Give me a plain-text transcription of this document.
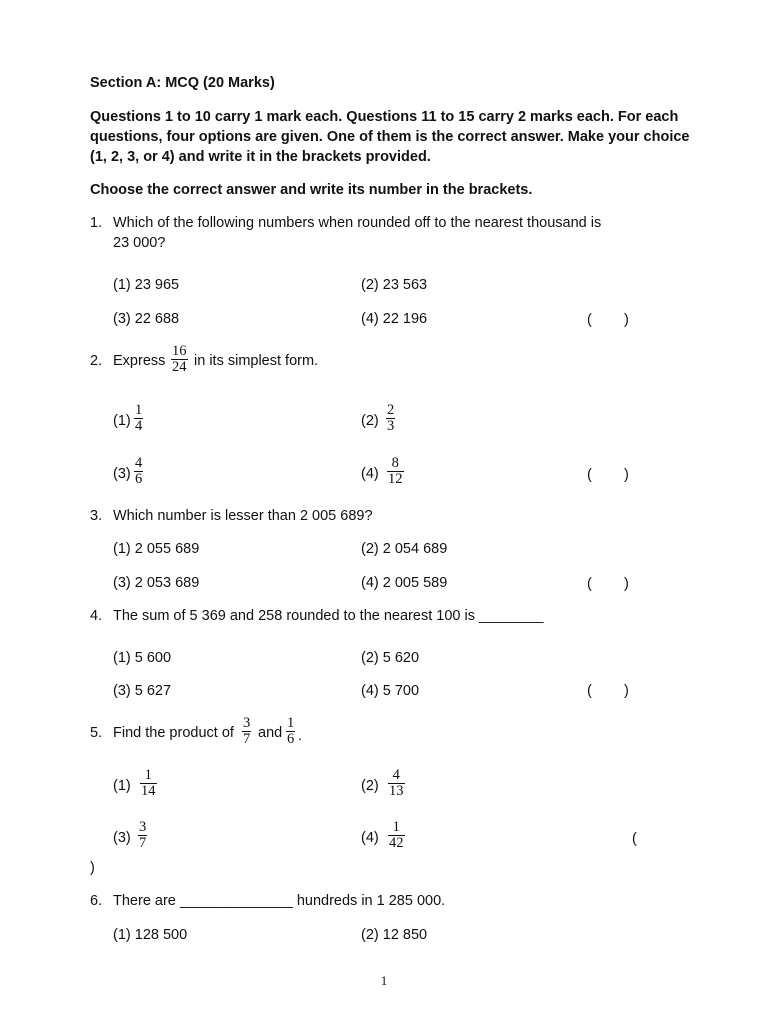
Section A: MCQ (20 Marks)
Questions 1 to 10 carry 1 mark each. Questions 11 to 15 carry 2 marks each. For each questions, four options are given. One of them is the correct answer. Make your choice (1, 2, 3, or 4) and write it in the brackets provided.
Choose the correct answer and write its number in the brackets.
1. Which of the following numbers when rounded off to the nearest thousand is
23 000?
(1) 23 965	(2) 23 563
(3) 22 688	(4) 22 196	(        )
2. Express
16
24 in its simplest form.
(1)
1
4	(2)
2
3
(3)
4
6	(4)
8
12	(        )
3. Which number is lesser than 2 005 689?
(1) 2 055 689	(2) 2 054 689
(3) 2 053 689	(4) 2 005 589	(        )
4. The sum of 5 369 and 258 rounded to the nearest 100 is ________
(1) 5 600	(2) 5 620
(3) 5 627	(4) 5 700	(        )
5. Find the product of
3
7 and
1
6 .
(1)
1
14	(2)
4
13
(3)
3
7	(4)
1
42	(
)
6. There are ______________ hundreds in 1 285 000.
(1) 128 500	(2) 12 850
1
